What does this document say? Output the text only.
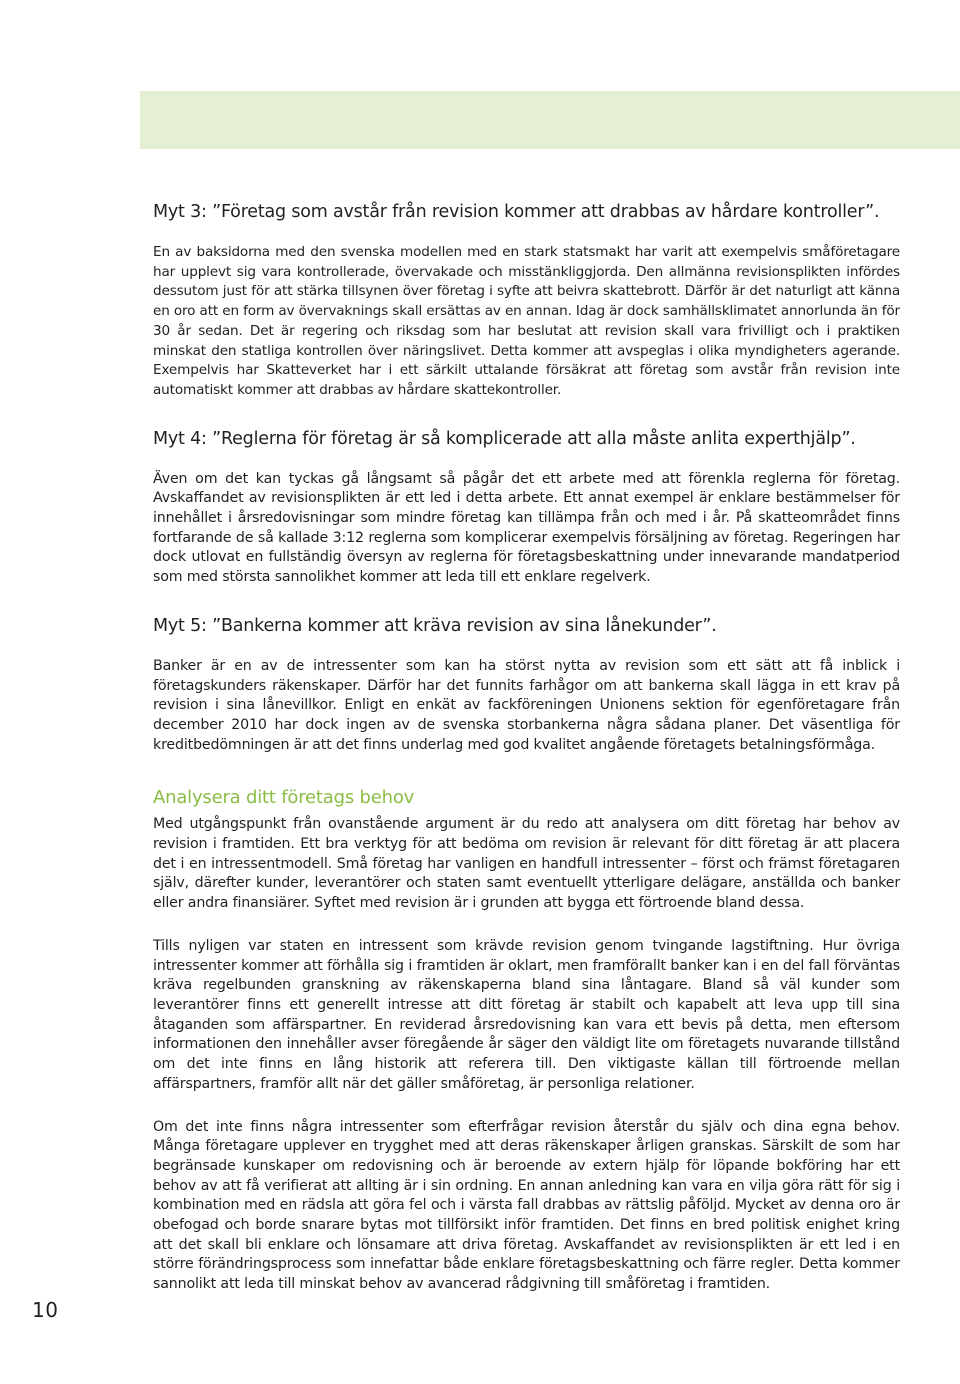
Myt 3: ”Företag som avstår från revision kommer att drabbas av hårdare kontroller”.

En av baksidorna med den svenska modellen med en stark statsmakt har varit att exempelvis småföretagare har upplevt sig vara kontrollerade, övervakade och misstänkliggjorda. Den allmänna revisionsplikten infördes dessutom just för att stärka tillsynen över företag i syfte att beivra skattebrott. Därför är det naturligt att känna en oro att en form av övervaknings skall ersättas av en annan. Idag är dock samhällsklimatet annorlunda än för 30 år sedan. Det är regering och riksdag som har beslutat att revision skall vara frivilligt och i praktiken minskat den statliga kontrollen över näringslivet. Detta kommer att avspeglas i olika myndigheters agerande. Exempelvis har Skatteverket har i ett särkilt uttalande försäkrat att företag som avstår från revision inte automatiskt kommer att drabbas av hårdare skattekontroller.

Myt 4: ”Reglerna för företag är så komplicerade att alla måste anlita experthjälp”.

Även om det kan tyckas gå långsamt så pågår det ett arbete med att förenkla reglerna för företag. Avskaffandet av revisionsplikten är ett led i detta arbete. Ett annat exempel är enklare bestämmelser för innehållet i årsredovisningar som mindre företag kan tillämpa från och med i år. På skatteområdet finns fortfarande de så kallade 3:12 reglerna som komplicerar exempelvis försäljning av företag. Regeringen har dock utlovat en fullständig översyn av reglerna för företagsbeskattning under innevarande mandatperiod som med största sannolikhet kommer att leda till ett enklare regelverk.

Myt 5: ”Bankerna kommer att kräva revision av sina lånekunder”.

Banker är en av de intressenter som kan ha störst nytta av revision som ett sätt att få inblick i företagskunders räkenskaper. Därför har det funnits farhågor om att bankerna skall lägga in ett krav på revision i sina lånevillkor. Enligt en enkät av fackföreningen Unionens sektion för egenföretagare från december 2010 har dock ingen av de svenska storbankerna några sådana planer. Det väsentliga för kreditbedömningen är att det finns underlag med god kvalitet angående företagets betalningsförmåga.

Analysera ditt företags behov

Med utgångspunkt från ovanstående argument är du redo att analysera om ditt företag har behov av revision i framtiden. Ett bra verktyg för att bedöma om revision är relevant för ditt företag är att placera det i en intressentmodell. Små företag har vanligen en handfull intressenter – först och främst företagaren själv, därefter kunder, leverantörer och staten samt eventuellt ytterligare delägare, anställda och banker eller andra finansiärer. Syftet med revision är i grunden att bygga ett förtroende bland dessa.

Tills nyligen var staten en intressent som krävde revision genom tvingande lagstiftning. Hur övriga intressenter kommer att förhålla sig i framtiden är oklart, men framförallt banker kan i en del fall förväntas kräva regelbunden granskning av räkenskaperna bland sina låntagare. Bland så väl kunder som leverantörer finns ett generellt intresse att ditt företag är stabilt och kapabelt att leva upp till sina åtaganden som affärspartner. En reviderad årsredovisning kan vara ett bevis på detta, men eftersom informationen den innehåller avser föregående år säger den väldigt lite om företagets nuvarande tillstånd om det inte finns en lång historik att referera till. Den viktigaste källan till förtroende mellan affärspartners, framför allt när det gäller småföretag, är personliga relationer.

Om det inte finns några intressenter som efterfrågar revision återstår du själv och dina egna behov. Många företagare upplever en trygghet med att deras räkenskaper årligen granskas. Särskilt de som har begränsade kunskaper om redovisning och är beroende av extern hjälp för löpande bokföring har ett behov av att få verifierat att allting är i sin ordning. En annan anledning kan vara en vilja göra rätt för sig i kombination med en rädsla att göra fel och i värsta fall drabbas av rättslig påföljd. Mycket av denna oro är obefogad och borde snarare bytas mot tillförsikt inför framtiden. Det finns en bred politisk enighet kring att det skall bli enklare och lönsamare att driva företag. Avskaffandet av revisionsplikten är ett led i en större förändringsprocess som innefattar både enklare företagsbeskattning och färre regler. Detta kommer sannolikt att leda till minskat behov av avancerad rådgivning till småföretag i framtiden.

10
